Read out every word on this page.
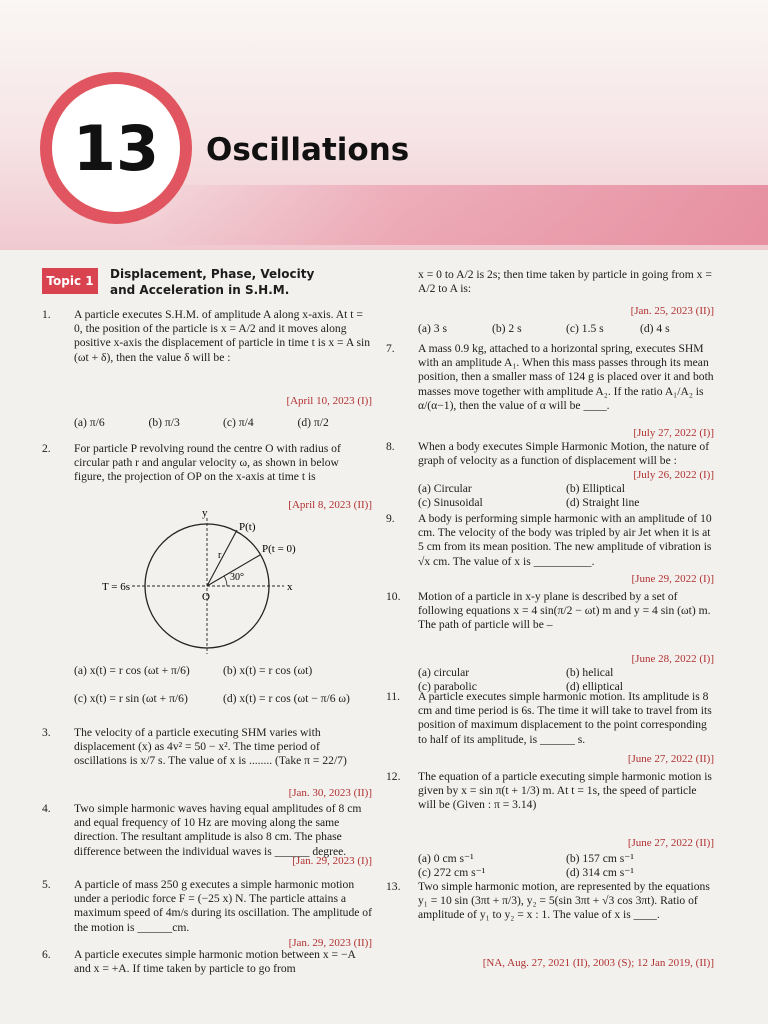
13	Oscillations
Topic 1	Displacement, Phase, Velocity and Acceleration in S.H.M.
1. A particle executes S.H.M. of amplitude A along x-axis. At t = 0, the position of the particle is x = A/2 and it moves along positive x-axis the displacement of particle in time t is x = A sin (ωt + δ), then the value δ will be :
[April 10, 2023 (I)]
(a) π/6	(b) π/3	(c) π/4	(d) π/2
2. For particle P revolving round the centre O with radius of circular path r and angular velocity ω, as shown in below figure, the projection of OP on the x-axis at time t is
[April 8, 2023 (II)]
y
x
P(t)
P(t = 0)
30°
r
O
T = 6s
(a) x(t) = r cos (ωt + π/6)	(b) x(t) = r cos (ωt)
(c) x(t) = r sin (ωt + π/6)	(d) x(t) = r cos (ωt − π/6 ω)
3. The velocity of a particle executing SHM varies with displacement (x) as 4v² = 50 − x². The time period of oscillations is x/7 s. The value of x is ........ (Take π = 22/7)
[Jan. 30, 2023 (II)]
4. Two simple harmonic waves having equal amplitudes of 8 cm and equal frequency of 10 Hz are moving along the same direction. The resultant amplitude is also 8 cm. The phase difference between the individual waves is ______ degree.
[Jan. 29, 2023 (I)]
5. A particle of mass 250 g executes a simple harmonic motion under a periodic force F = (−25 x) N. The particle attains a maximum speed of 4m/s during its oscillation. The amplitude of the motion is ______cm.
[Jan. 29, 2023 (II)]
6. A particle executes simple harmonic motion between x = −A and x = +A. If time taken by particle to go from
x = 0 to A/2 is 2s; then time taken by particle in going from x = A/2 to A is:
[Jan. 25, 2023 (II)]
(a) 3 s	(b) 2 s	(c) 1.5 s	(d) 4 s
7. A mass 0.9 kg, attached to a horizontal spring, executes SHM with an amplitude A₁. When this mass passes through its mean position, then a smaller mass of 124 g is placed over it and both masses move together with amplitude A₂. If the ratio A₁/A₂ is α/(α−1), then the value of α will be ____.
[July 27, 2022 (I)]
8. When a body executes Simple Harmonic Motion, the nature of graph of velocity as a function of displacement will be :
[July 26, 2022 (I)]
(a) Circular	(b) Elliptical
(c) Sinusoidal	(d) Straight line
9. A body is performing simple harmonic with an amplitude of 10 cm. The velocity of the body was tripled by air Jet when it is at 5 cm from its mean position. The new amplitude of vibration is √x cm. The value of x is __________.
[June 29, 2022 (I)]
10. Motion of a particle in x-y plane is described by a set of following equations x = 4 sin(π/2 − ωt) m and y = 4 sin (ωt) m. The path of particle will be –
[June 28, 2022 (I)]
(a) circular	(b) helical
(c) parabolic	(d) elliptical
11. A particle executes simple harmonic motion. Its amplitude is 8 cm and time period is 6s. The time it will take to travel from its position of maximum displacement to the point corresponding to half of its amplitude, is ______ s.
[June 27, 2022 (II)]
12. The equation of a particle executing simple harmonic motion is given by x = sin π(t + 1/3) m. At t = 1s, the speed of particle will be (Given : π = 3.14)
[June 27, 2022 (II)]
(a) 0 cm s⁻¹	(b) 157 cm s⁻¹
(c) 272 cm s⁻¹	(d) 314 cm s⁻¹
13. Two simple harmonic motion, are represented by the equations y₁ = 10 sin (3πt + π/3), y₂ = 5(sin 3πt + √3 cos 3πt). Ratio of amplitude of y₁ to y₂ = x : 1. The value of x is ____.
[NA, Aug. 27, 2021 (II), 2003 (S); 12 Jan 2019, (II)]
